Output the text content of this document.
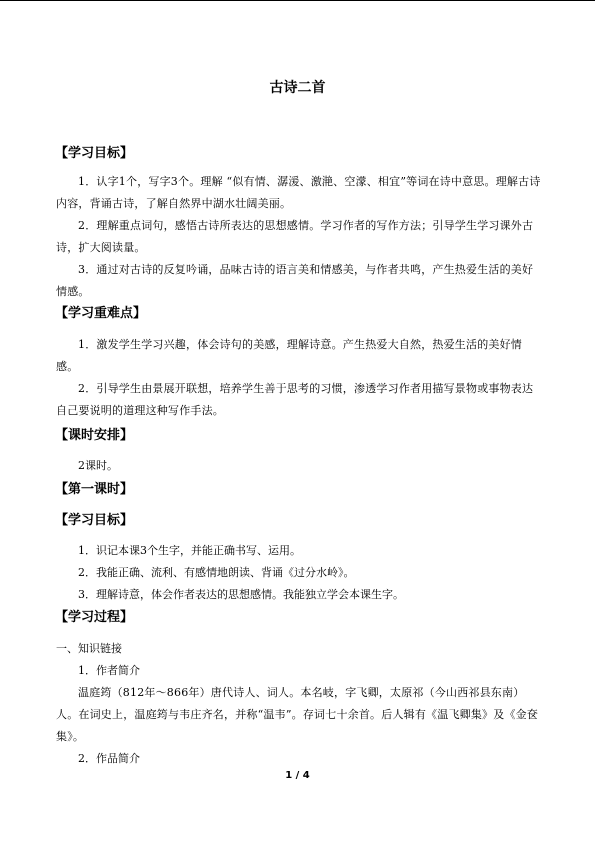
古诗二首
【学习目标】
1．认字1个，写字3个。理解 “似有情、潺湲、激滟、空濛、相宜”等词在诗中意思。理解古诗内容，背诵古诗，了解自然界中湖水壮阔美丽。
2．理解重点词句，感悟古诗所表达的思想感情。学习作者的写作方法；引导学生学习课外古诗，扩大阅读量。
3．通过对古诗的反复吟诵，品味古诗的语言美和情感美，与作者共鸣，产生热爱生活的美好情感。
【学习重难点】
1．激发学生学习兴趣，体会诗句的美感，理解诗意。产生热爱大自然，热爱生活的美好情感。
2．引导学生由景展开联想，培养学生善于思考的习惯，渗透学习作者用描写景物或事物表达自己要说明的道理这种写作手法。
【课时安排】
2课时。
【第一课时】
【学习目标】
1．识记本课3个生字，并能正确书写、运用。
2．我能正确、流利、有感情地朗读、背诵《过分水岭》。
3．理解诗意，体会作者表达的思想感情。我能独立学会本课生字。
【学习过程】
一、知识链接
1．作者简介
温庭筠（812年～866年）唐代诗人、词人。本名岐，字飞卿，太原祁（今山西祁县东南）人。在词史上，温庭筠与韦庄齐名，并称“温韦”。存词七十余首。后人辑有《温飞卿集》及《金奁集》。
2．作品简介
1 / 4
